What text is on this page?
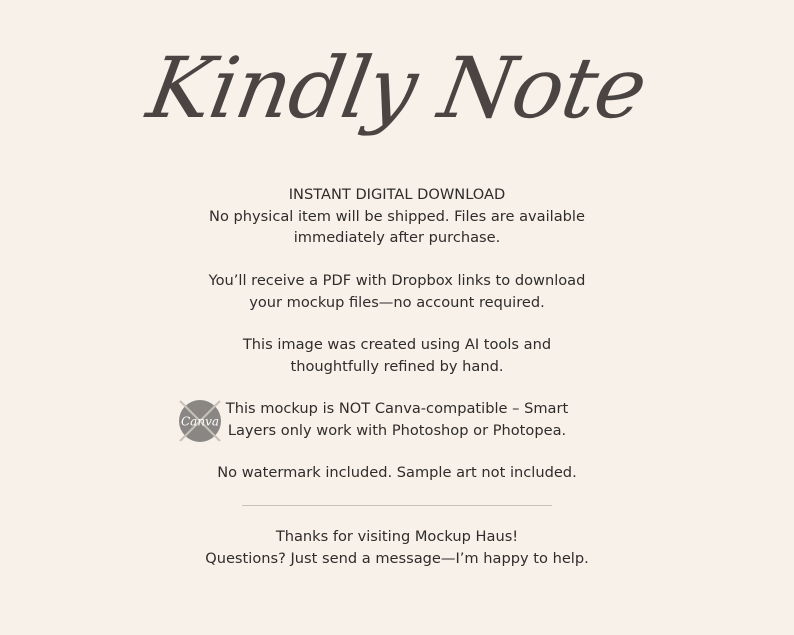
Kindly Note
INSTANT DIGITAL DOWNLOAD
No physical item will be shipped. Files are available
immediately after purchase.
You’ll receive a PDF with Dropbox links to download
your mockup files—no account required.
This image was created using AI tools and
thoughtfully refined by hand.
Canva
This mockup is NOT Canva-compatible – Smart
Layers only work with Photoshop or Photopea.
No watermark included. Sample art not included.
Thanks for visiting Mockup Haus!
Questions? Just send a message—I’m happy to help.
